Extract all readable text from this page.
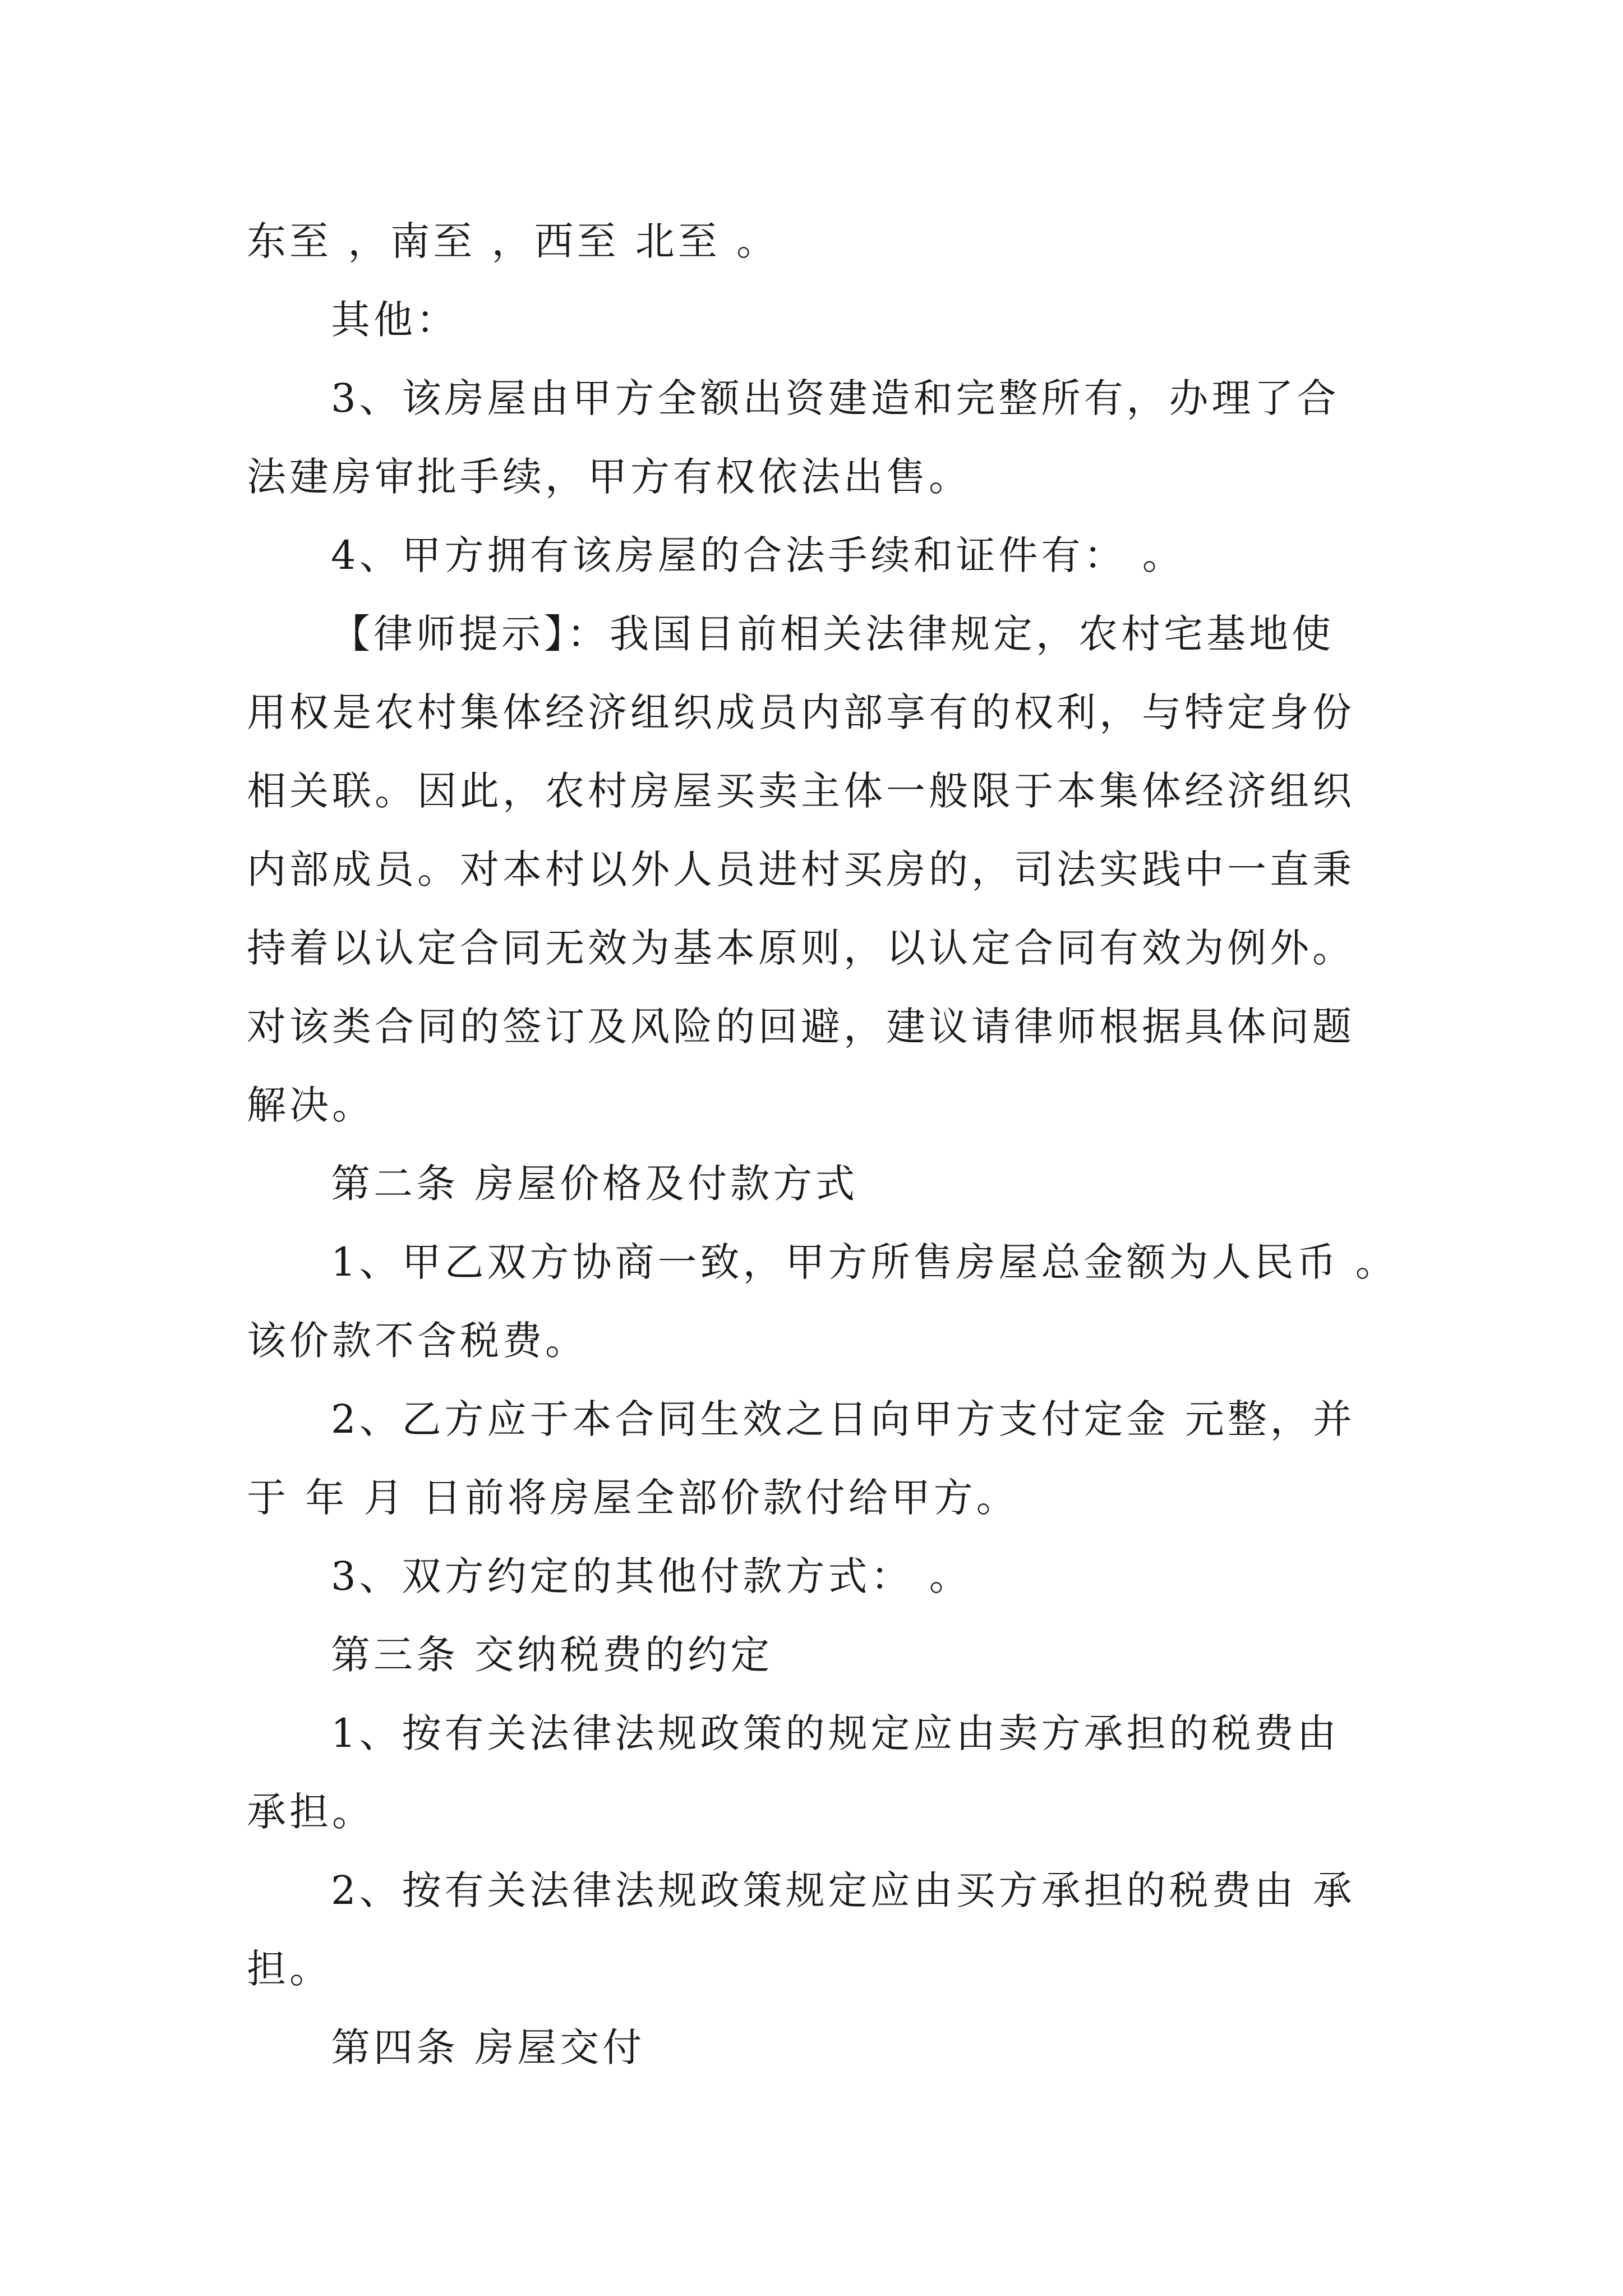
东至 ，南至 ，西至 北至 。
其他：
3、该房屋由甲方全额出资建造和完整所有，办理了合
法建房审批手续，甲方有权依法出售。
4、甲方拥有该房屋的合法手续和证件有： 。
【律师提示】：我国目前相关法律规定，农村宅基地使
用权是农村集体经济组织成员内部享有的权利，与特定身份
相关联。因此，农村房屋买卖主体一般限于本集体经济组织
内部成员。对本村以外人员进村买房的，司法实践中一直秉
持着以认定合同无效为基本原则，以认定合同有效为例外。
对该类合同的签订及风险的回避，建议请律师根据具体问题
解决。
第二条 房屋价格及付款方式
1、甲乙双方协商一致，甲方所售房屋总金额为人民币 。
该价款不含税费。
2、乙方应于本合同生效之日向甲方支付定金 元整，并
于 年 月 日前将房屋全部价款付给甲方。
3、双方约定的其他付款方式： 。
第三条 交纳税费的约定
1、按有关法律法规政策的规定应由卖方承担的税费由
承担。
2、按有关法律法规政策规定应由买方承担的税费由 承
担。
第四条 房屋交付
